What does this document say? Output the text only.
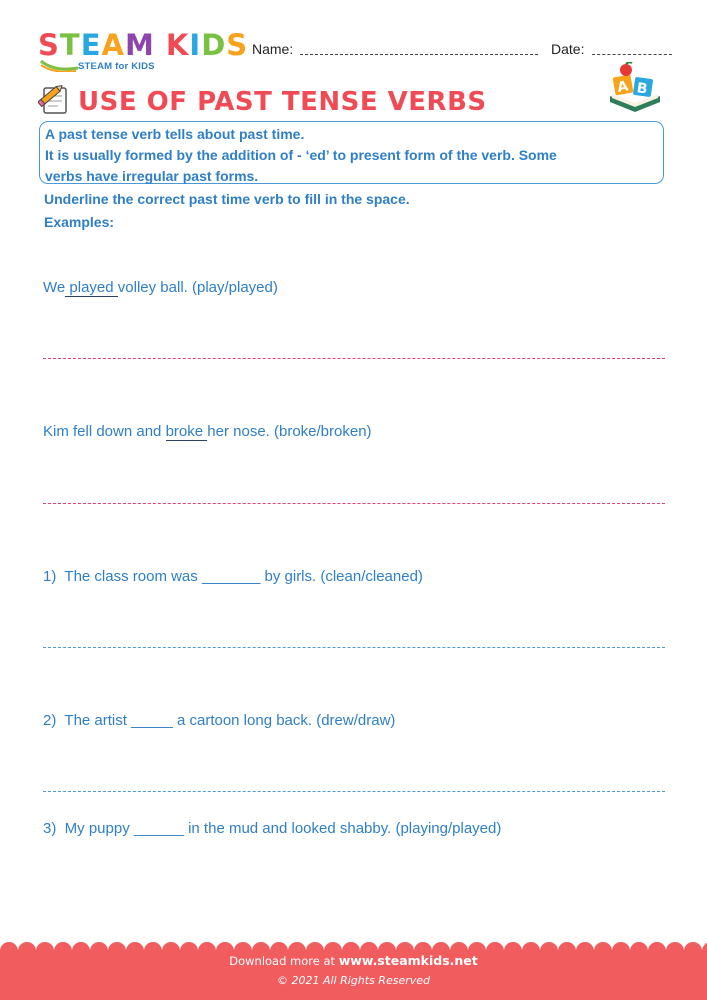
STEAM KIDS
STEAM for KIDS
Name:	Date:
USE OF PAST TENSE VERBS	A B

A past tense verb tells about past time.

It is usually formed by the addition of - ‘ed’ to present form of the verb. Some

verbs have irregular past forms.

Underline the correct past time verb to fill in the space.
Examples:
We played volley ball. (play/played)
Kim fell down and broke her nose. (broke/broken)
1)  The class room was _______ by girls. (clean/cleaned)
2)  The artist _____ a cartoon long back. (drew/draw)
3)  My puppy ______ in the mud and looked shabby. (playing/played)
Download more at www.steamkids.net
© 2021 All Rights Reserved
